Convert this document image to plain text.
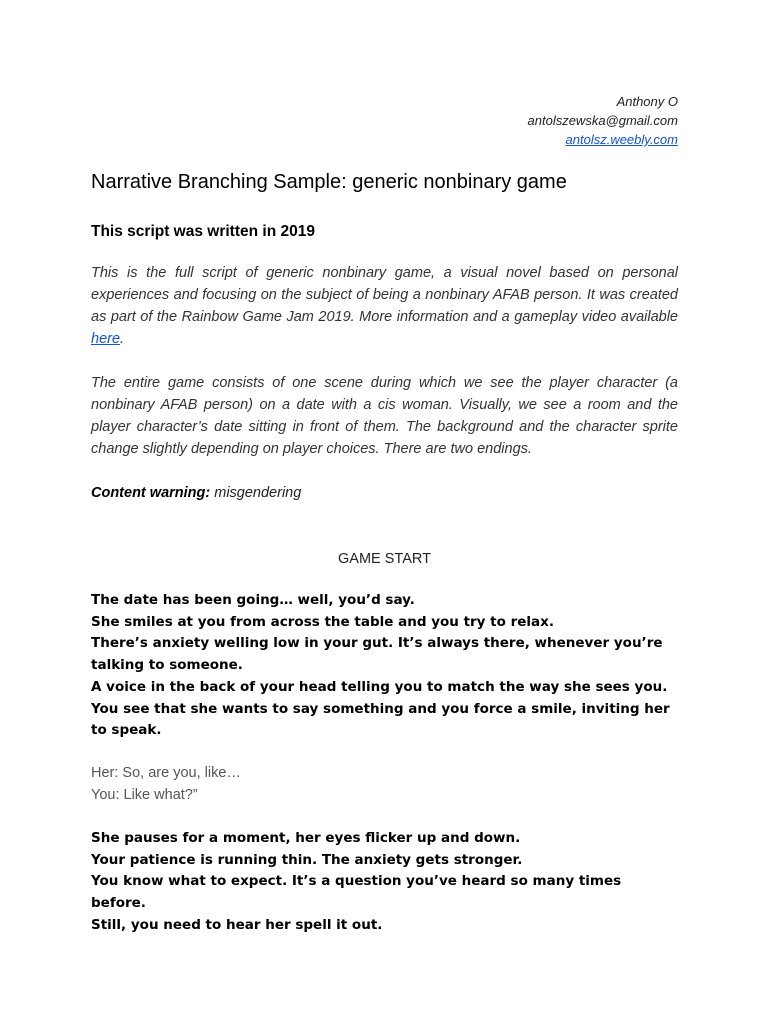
Anthony O
antolszewska@gmail.com
antolsz.weebly.com
Narrative Branching Sample: generic nonbinary game
This script was written in 2019

This is the full script of generic nonbinary game, a visual novel based on personal experiences and focusing on the subject of being a nonbinary AFAB person. It was created as part of the Rainbow Game Jam 2019. More information and a gameplay video available here.

The entire game consists of one scene during which we see the player character (a nonbinary AFAB person) on a date with a cis woman. Visually, we see a room and the player character’s date sitting in front of them. The background and the character sprite change slightly depending on player choices. There are two endings.

Content warning: misgendering
GAME START

The date has been going… well, you’d say.
She smiles at you from across the table and you try to relax.
There’s anxiety welling low in your gut. It’s always there, whenever you’re talking to someone.
A voice in the back of your head telling you to match the way she sees you.
You see that she wants to say something and you force a smile, inviting her to speak.

Her: So, are you, like…
You: Like what?”

She pauses for a moment, her eyes flicker up and down.
Your patience is running thin. The anxiety gets stronger.
You know what to expect. It’s a question you’ve heard so many times before.
Still, you need to hear her spell it out.
